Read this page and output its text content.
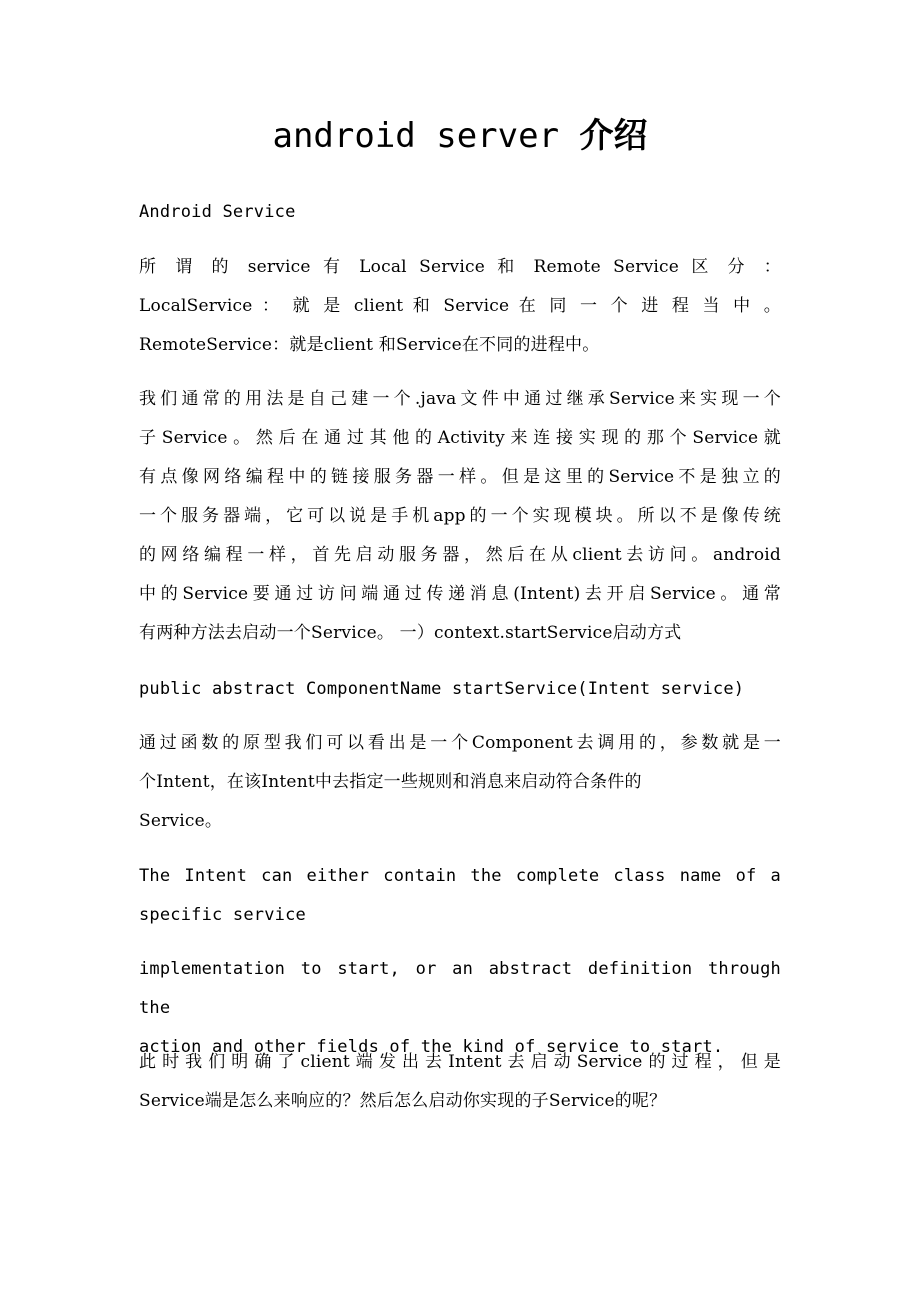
android server 介绍

Android Service

所 谓 的 service 有 Local Service 和 Remote Service 区 分 ：
LocalService ： 就 是 client 和 Service 在 同 一 个 进 程 当 中 。
RemoteService：就是client 和Service在不同的进程中。
我们通常的用法是自己建一个.java文件中通过继承Service来实现一个
子Service。然后在通过其他的Activity来连接实现的那个Service就
有点像网络编程中的链接服务器一样。但是这里的Service不是独立的
一个服务器端，它可以说是手机app的一个实现模块。所以不是像传统
的网络编程一样，首先启动服务器，然后在从client去访问。android
中的Service要通过访问端通过传递消息(Intent)去开启Service。通常
有两种方法去启动一个Service。 一）context.startService启动方式

public abstract ComponentName startService(Intent service)

通过函数的原型我们可以看出是一个Component去调用的，参数就是一
个Intent，在该Intent中去指定一些规则和消息来启动符合条件的
Service。
The Intent can either contain the complete class name of a
specific service
implementation to start, or an abstract definition through the
action and other fields of the kind of service to start.
此时我们明确了client端发出去Intent去启动Service的过程，但是
Service端是怎么来响应的？然后怎么启动你实现的子Service的呢？
